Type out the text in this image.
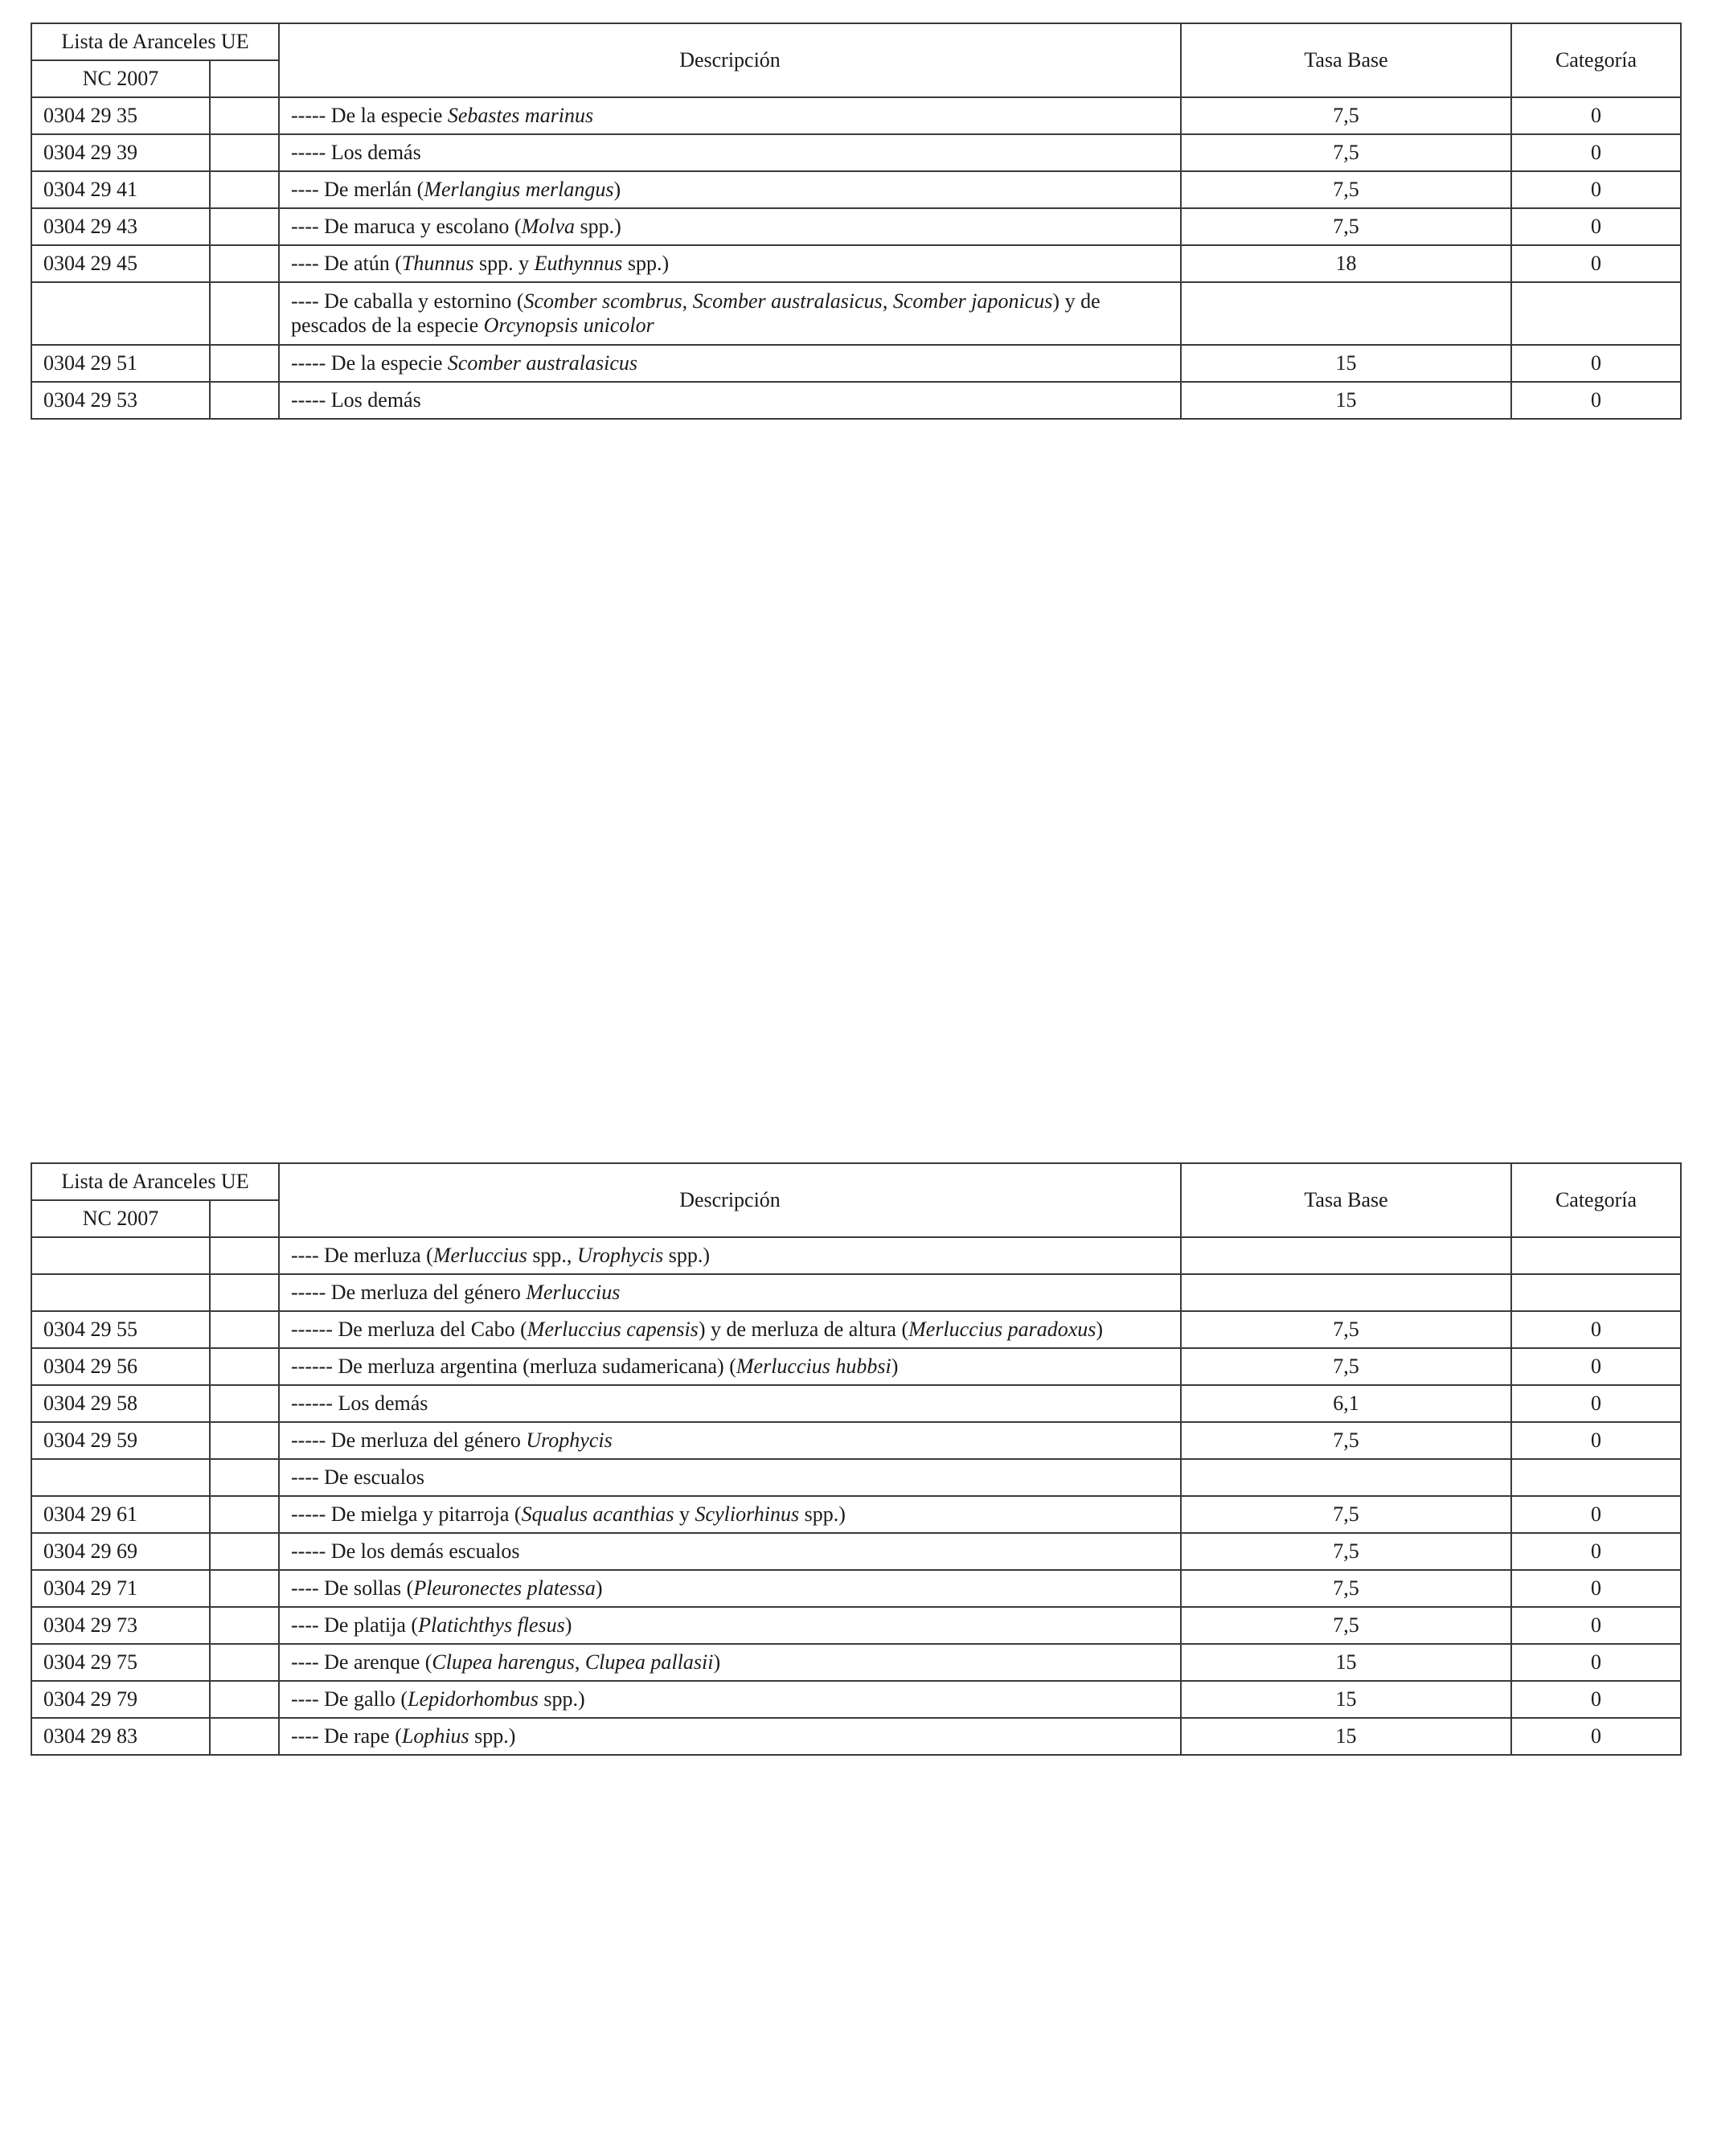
Lista de Aranceles UE		Descripción	Tasa Base	Categoría
NC 2007				
0304 29 35		----- De la especie Sebastes marinus	7,5	0
0304 29 39		----- Los demás	7,5	0
0304 29 41		---- De merlán (Merlangius merlangus)	7,5	0
0304 29 43		---- De maruca y escolano (Molva spp.)	7,5	0
0304 29 45		---- De atún (Thunnus spp. y Euthynnus spp.)	18	0
		---- De caballa y estornino (Scomber scombrus, Scomber australasicus, Scomber japonicus) y de pescados de la especie Orcynopsis unicolor		
0304 29 51		----- De la especie Scomber australasicus	15	0
0304 29 53		----- Los demás	15	0
Lista de Aranceles UE		Descripción	Tasa Base	Categoría
NC 2007				
		---- De merluza (Merluccius spp., Urophycis spp.)		
		----- De merluza del género Merluccius		
0304 29 55		------ De merluza del Cabo (Merluccius capensis) y de merluza de altura (Merluccius paradoxus)	7,5	0
0304 29 56		------ De merluza argentina (merluza sudamericana) (Merluccius hubbsi)	7,5	0
0304 29 58		------ Los demás	6,1	0
0304 29 59		----- De merluza del género Urophycis	7,5	0
		---- De escualos		
0304 29 61		----- De mielga y pitarroja (Squalus acanthias y Scyliorhinus spp.)	7,5	0
0304 29 69		----- De los demás escualos	7,5	0
0304 29 71		---- De sollas (Pleuronectes platessa)	7,5	0
0304 29 73		---- De platija (Platichthys flesus)	7,5	0
0304 29 75		---- De arenque (Clupea harengus, Clupea pallasii)	15	0
0304 29 79		---- De gallo (Lepidorhombus spp.)	15	0
0304 29 83		---- De rape (Lophius spp.)	15	0
